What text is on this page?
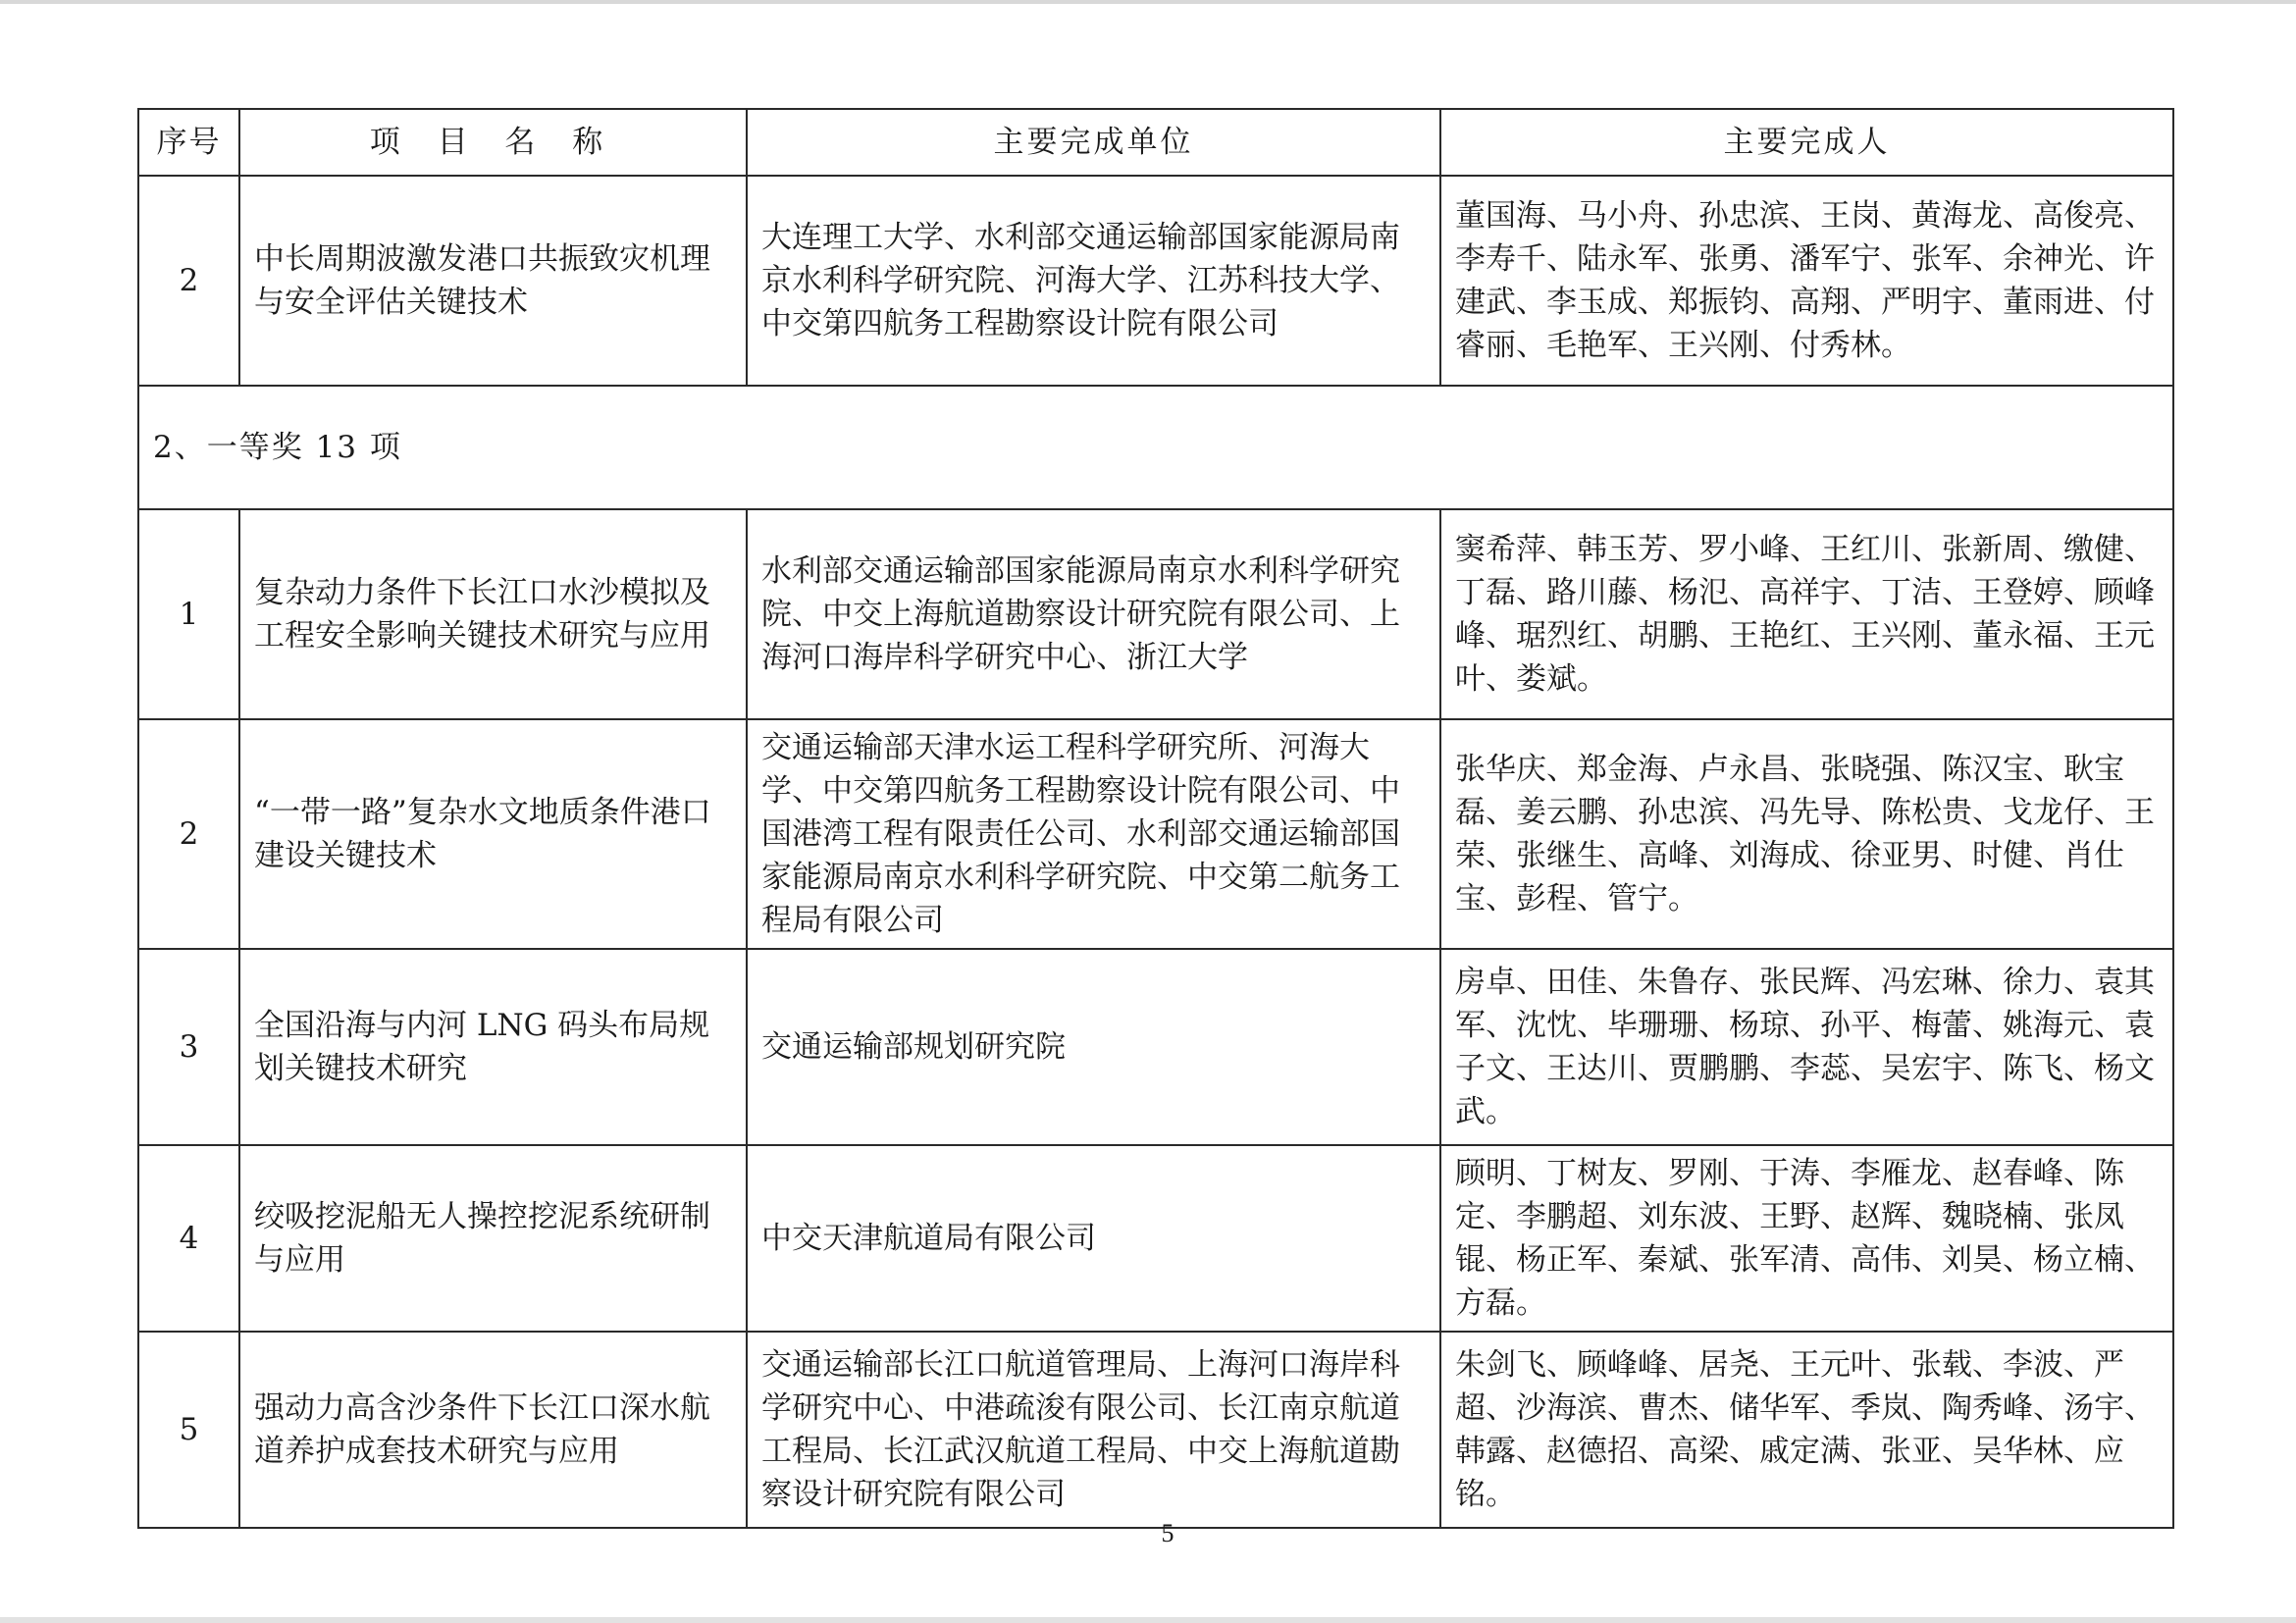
序号	项 目 名 称	主要完成单位	主要完成人
2	中长周期波激发港口共振致灾机理与安全评估关键技术	大连理工大学、水利部交通运输部国家能源局南京水利科学研究院、河海大学、江苏科技大学、中交第四航务工程勘察设计院有限公司	董国海、马小舟、孙忠滨、王岗、黄海龙、高俊亮、李寿千、陆永军、张勇、潘军宁、张军、余神光、许建武、李玉成、郑振钧、高翔、严明宇、董雨进、付睿丽、毛艳军、王兴刚、付秀林。
2、一等奖 13 项			
1	复杂动力条件下长江口水沙模拟及工程安全影响关键技术研究与应用	水利部交通运输部国家能源局南京水利科学研究院、中交上海航道勘察设计研究院有限公司、上海河口海岸科学研究中心、浙江大学	窦希萍、韩玉芳、罗小峰、王红川、张新周、缴健、丁磊、路川藤、杨氾、高祥宇、丁洁、王登婷、顾峰峰、琚烈红、胡鹏、王艳红、王兴刚、董永福、王元叶、娄斌。
2	“一带一路”复杂水文地质条件港口建设关键技术	交通运输部天津水运工程科学研究所、河海大学、中交第四航务工程勘察设计院有限公司、中国港湾工程有限责任公司、水利部交通运输部国家能源局南京水利科学研究院、中交第二航务工程局有限公司	张华庆、郑金海、卢永昌、张晓强、陈汉宝、耿宝磊、姜云鹏、孙忠滨、冯先导、陈松贵、戈龙仔、王荣、张继生、高峰、刘海成、徐亚男、时健、肖仕宝、彭程、管宁。
3	全国沿海与内河 LNG 码头布局规划关键技术研究	交通运输部规划研究院	房卓、田佳、朱鲁存、张民辉、冯宏琳、徐力、袁其军、沈忱、毕珊珊、杨琼、孙平、梅蕾、姚海元、袁子文、王达川、贾鹏鹏、李蕊、吴宏宇、陈飞、杨文武。
4	绞吸挖泥船无人操控挖泥系统研制与应用	中交天津航道局有限公司	顾明、丁树友、罗刚、于涛、李雁龙、赵春峰、陈定、李鹏超、刘东波、王野、赵辉、魏晓楠、张凤锟、杨正军、秦斌、张军清、高伟、刘昊、杨立楠、方磊。
5	强动力高含沙条件下长江口深水航道养护成套技术研究与应用	交通运输部长江口航道管理局、上海河口海岸科学研究中心、中港疏浚有限公司、长江南京航道工程局、长江武汉航道工程局、中交上海航道勘察设计研究院有限公司	朱剑飞、顾峰峰、居尧、王元叶、张载、李波、严超、沙海滨、曹杰、储华军、季岚、陶秀峰、汤宇、韩露、赵德招、高梁、戚定满、张亚、吴华林、应铭。
5
